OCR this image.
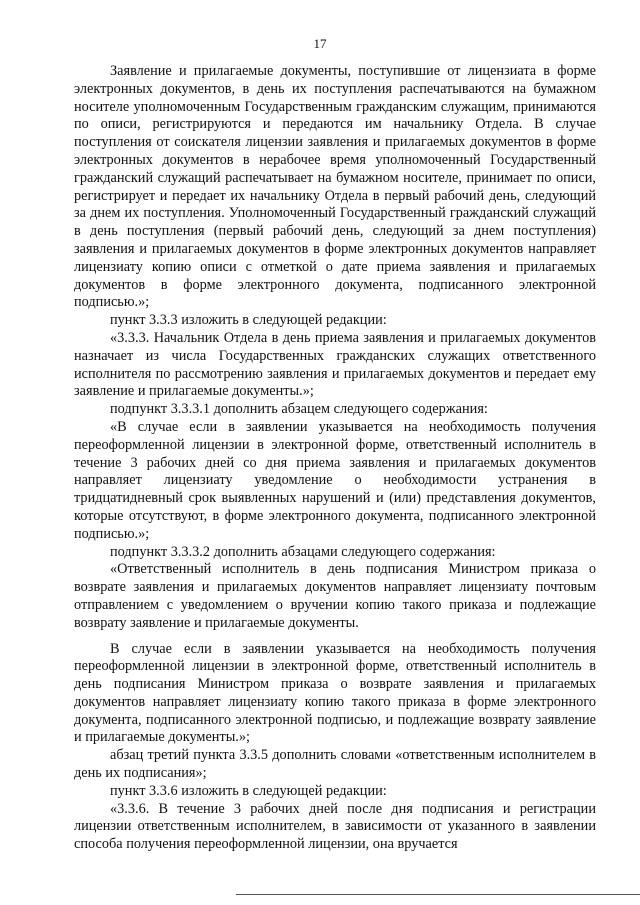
17

Заявление и прилагаемые документы, поступившие от лицензиата в форме электронных документов, в день их поступления распечатываются на бумажном носителе уполномоченным Государственным гражданским служащим, принимаются по описи, регистрируются и передаются им начальнику Отдела. В случае поступления от соискателя лицензии заявления и прилагаемых документов в форме электронных документов в нерабочее время уполномоченный Государственный гражданский служащий распечатывает на бумажном носителе, принимает по описи, регистрирует и передает их начальнику Отдела в первый рабочий день, следующий за днем их поступления. Уполномоченный Государственный гражданский служащий в день поступления (первый рабочий день, следующий за днем поступления) заявления и прилагаемых документов в форме электронных документов направляет лицензиату копию описи с отметкой о дате приема заявления и прилагаемых документов в форме электронного документа, подписанного электронной подписью.»;

пункт 3.3.3 изложить в следующей редакции:

«3.3.3. Начальник Отдела в день приема заявления и прилагаемых документов назначает из числа Государственных гражданских служащих ответственного исполнителя по рассмотрению заявления и прилагаемых документов и передает ему заявление и прилагаемые документы.»;

подпункт 3.3.3.1 дополнить абзацем следующего содержания:

«В случае если в заявлении указывается на необходимость получения переоформленной лицензии в электронной форме, ответственный исполнитель в течение 3 рабочих дней со дня приема заявления и прилагаемых документов направляет лицензиату уведомление о необходимости устранения в тридцатидневный срок выявленных нарушений и (или) представления документов, которые отсутствуют, в форме электронного документа, подписанного электронной подписью.»;

подпункт 3.3.3.2 дополнить абзацами следующего содержания:

«Ответственный исполнитель в день подписания Министром приказа о возврате заявления и прилагаемых документов направляет лицензиату почтовым отправлением с уведомлением о вручении копию такого приказа и подлежащие возврату заявление и прилагаемые документы.

В случае если в заявлении указывается на необходимость получения переоформленной лицензии в электронной форме, ответственный исполнитель в день подписания Министром приказа о возврате заявления и прилагаемых документов направляет лицензиату копию такого приказа в форме электронного документа, подписанного электронной подписью, и подлежащие возврату заявление и прилагаемые документы.»;

абзац третий пункта 3.3.5 дополнить словами «ответственным исполнителем в день их подписания»;

пункт 3.3.6 изложить в следующей редакции:

«3.3.6. В течение 3 рабочих дней после дня подписания и регистрации лицензии ответственным исполнителем, в зависимости от указанного в заявлении способа получения переоформленной лицензии, она вручается
